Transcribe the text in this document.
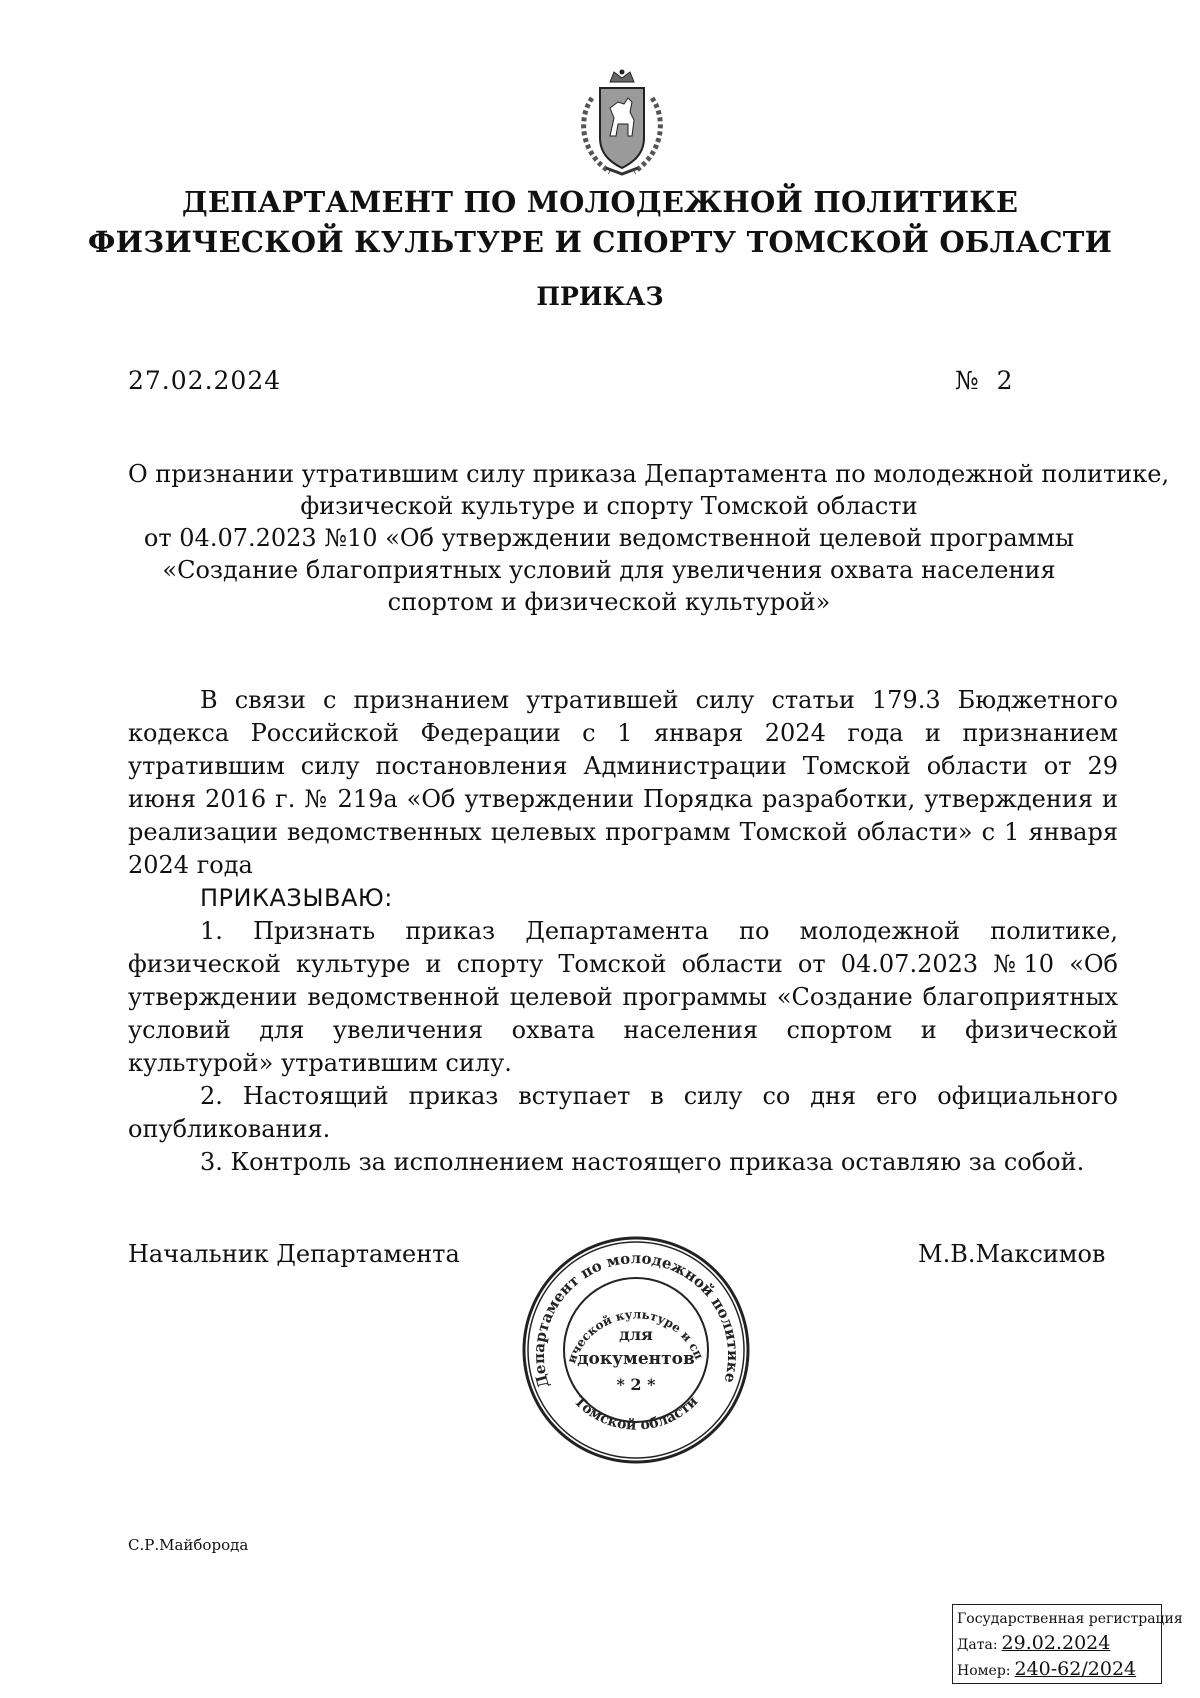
ДЕПАРТАМЕНТ ПО МОЛОДЕЖНОЙ ПОЛИТИКЕ
ФИЗИЧЕСКОЙ КУЛЬТУРЕ И СПОРТУ ТОМСКОЙ ОБЛАСТИ
ПРИКАЗ
27.02.2024	№ 2
О признании утратившим силу приказа Департамента по молодежной политике,
физической культуре и спорту Томской области
от 04.07.2023 №10 «Об утверждении ведомственной целевой программы
«Создание благоприятных условий для увеличения охвата населения
спортом и физической культурой»

В связи с признанием утратившей силу статьи 179.3 Бюджетного кодекса Российской Федерации с 1 января 2024 года и признанием утратившим силу постановления Администрации Томской области от 29 июня 2016 г. № 219а «Об утверждении Порядка разработки, утверждения и реализации ведомственных целевых программ Томской области» с 1 января 2024 года

ПРИКАЗЫВАЮ:

1. Признать приказ Департамента по молодежной политике, физической культуре и спорту Томской области от 04.07.2023 №10 «Об утверждении ведомственной целевой программы «Создание благоприятных условий для увеличения охвата населения спортом и физической культурой» утратившим силу.

2. Настоящий приказ вступает в силу со дня его официального опубликования.

3. Контроль за исполнением настоящего приказа оставляю за собой.

Начальник Департамента	М.В.Максимов
Департамент по молодежной политике
ической культуре и сп
Томской области
для
документов
* 2 *
С.Р.Майборода
Государственная регистрация
Дата: 29.02.2024
Номер: 240-62/2024
